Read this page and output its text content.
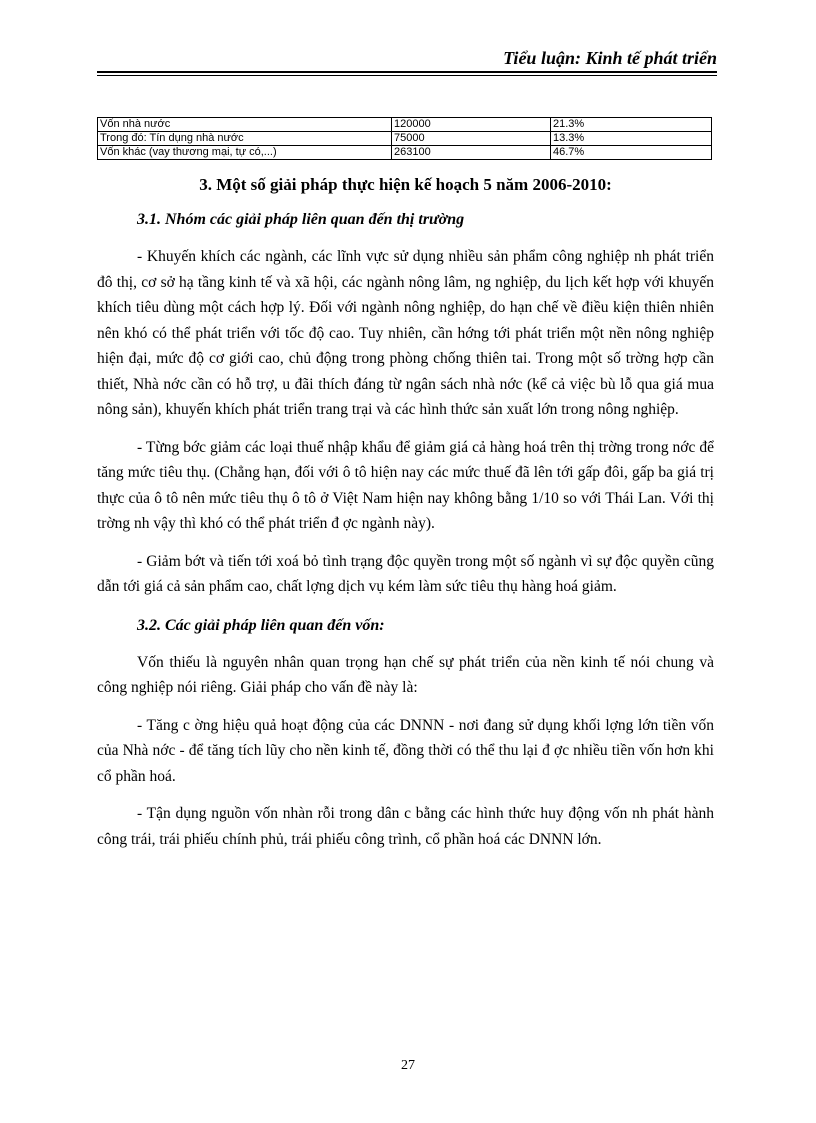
Tiểu luận: Kinh tế phát triển
Vốn nhà nước	120000	21.3%
Trong đó: Tín dụng nhà nước	75000	13.3%
Vốn khác (vay thương mại, tự có,...)	263100	46.7%
3. Một số giải pháp thực hiện kế hoạch 5 năm 2006-2010:
3.1. Nhóm các giải pháp liên quan đến thị trường

- Khuyến khích các ngành, các lĩnh vực sử dụng nhiều sản phẩm công nghiệp nh phát triển đô thị, cơ sở hạ tầng kinh tế và xã hội, các ngành nông lâm, ng nghiệp, du lịch kết hợp với khuyến khích tiêu dùng một cách hợp lý. Đối với ngành nông nghiệp, do hạn chế về điều kiện thiên nhiên nên khó có thể phát triển với tốc độ cao. Tuy nhiên, cần hớng tới phát triển một nền nông nghiệp hiện đại, mức độ cơ giới cao, chủ động trong phòng chống thiên tai. Trong một số trờng hợp cần thiết, Nhà nớc cần có hỗ trợ, u đãi thích đáng từ ngân sách nhà nớc (kể cả việc bù lỗ qua giá mua nông sản), khuyến khích phát triển trang trại và các hình thức sản xuất lớn trong nông nghiệp.

- Từng bớc giảm các loại thuế nhập khẩu để giảm giá cả hàng hoá trên thị trờng trong nớc để tăng mức tiêu thụ. (Chẳng hạn, đối với ô tô hiện nay các mức thuế đã lên tới gấp đôi, gấp ba giá trị thực của ô tô nên mức tiêu thụ ô tô ở Việt Nam hiện nay không bằng 1/10 so với Thái Lan. Với thị trờng nh vậy thì khó có thể phát triển đ ợc ngành này).

- Giảm bớt và tiến tới xoá bỏ tình trạng độc quyền trong một số ngành vì sự độc quyền cũng dẫn tới giá cả sản phẩm cao, chất lợng dịch vụ kém làm sức tiêu thụ hàng hoá giảm.

3.2. Các giải pháp liên quan đến vốn:

Vốn thiếu là nguyên nhân quan trọng hạn chế sự phát triển của nền kinh tế nói chung và công nghiệp nói riêng. Giải pháp cho vấn đề này là:

- Tăng c ờng hiệu quả hoạt động của các DNNN - nơi đang sử dụng khối lợng lớn tiền vốn của Nhà nớc - để tăng tích lũy cho nền kinh tế, đồng thời có thể thu lại đ ợc nhiều tiền vốn hơn khi cổ phần hoá.

- Tận dụng nguồn vốn nhàn rỗi trong dân c bằng các hình thức huy động vốn nh phát hành công trái, trái phiếu chính phủ, trái phiếu công trình, cổ phần hoá các DNNN lớn.

27
